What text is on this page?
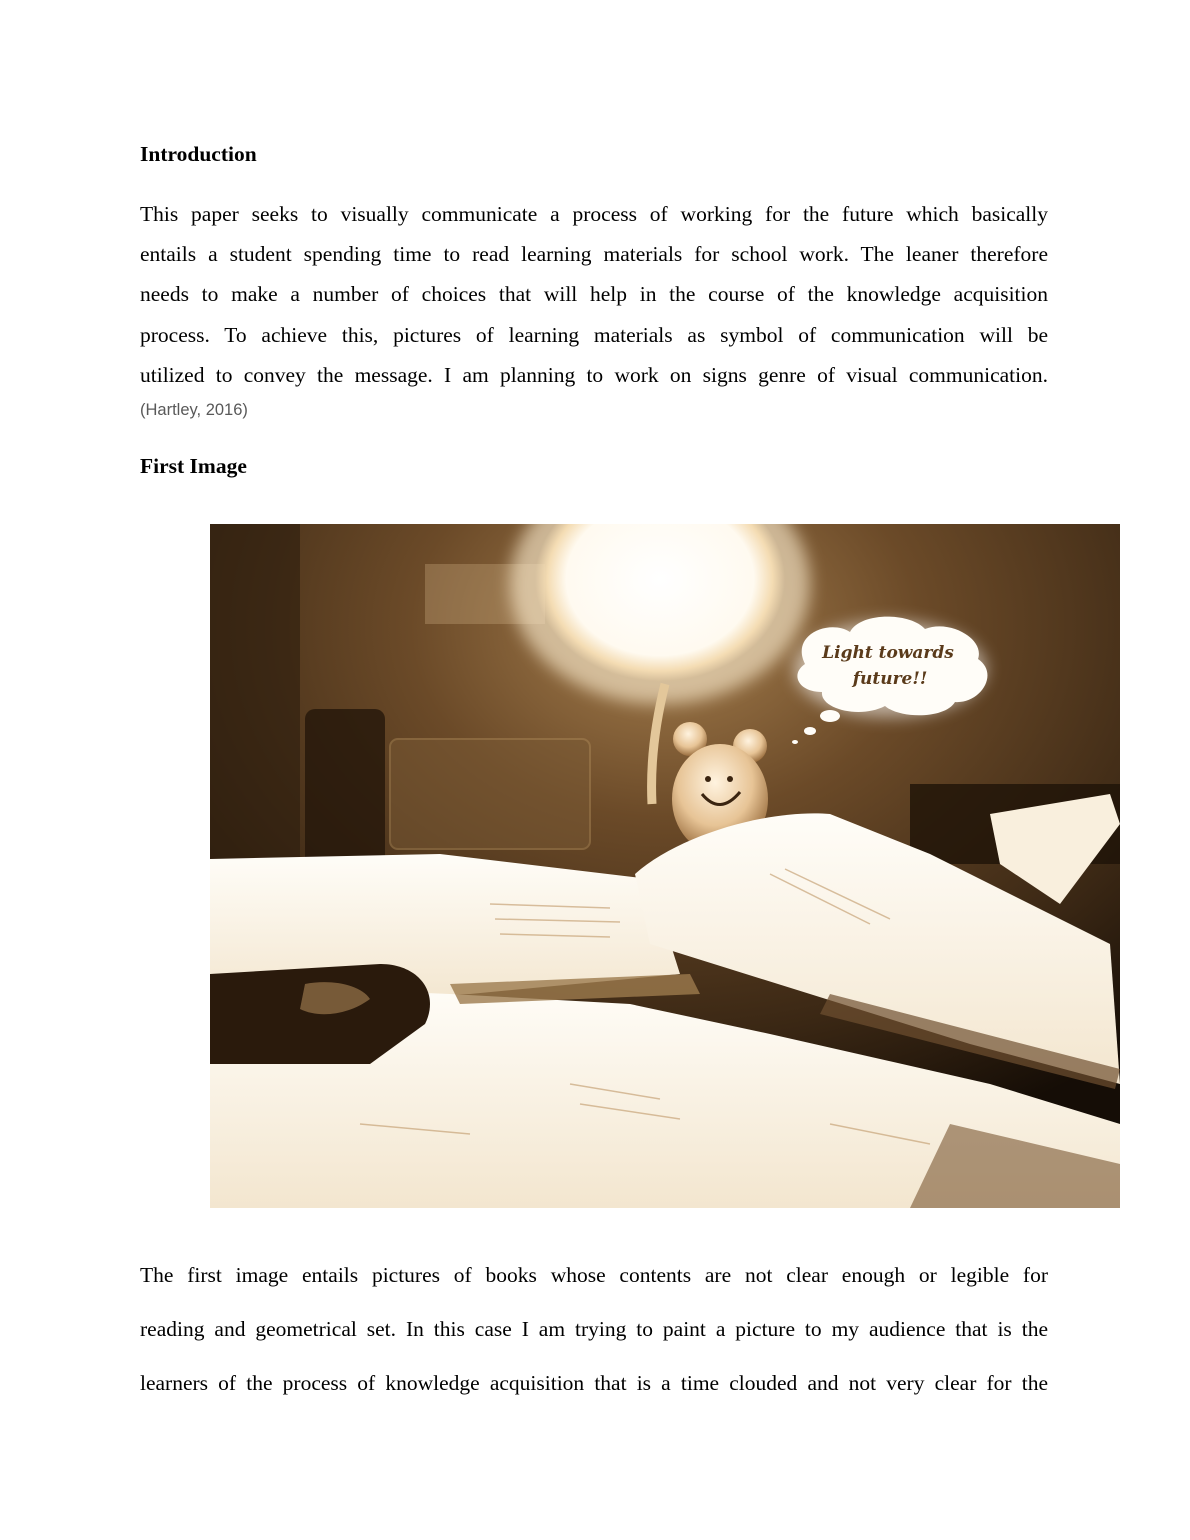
Introduction

This paper seeks to visually communicate a process of working for the future which basically
entails a student spending time to read learning materials for school work. The leaner therefore
needs to make a number of choices that will help in the course of the knowledge acquisition
process. To achieve this, pictures of learning materials as symbol of communication will be
utilized to convey the message. I am planning to work on signs genre of visual communication.

(Hartley, 2016)

First Image
Light towards
future!!

The first image entails pictures of books whose contents are not clear enough or legible for
reading and geometrical set. In this case I am trying to paint a picture to my audience that is the
learners of the process of knowledge acquisition that is a time clouded and not very clear for the
